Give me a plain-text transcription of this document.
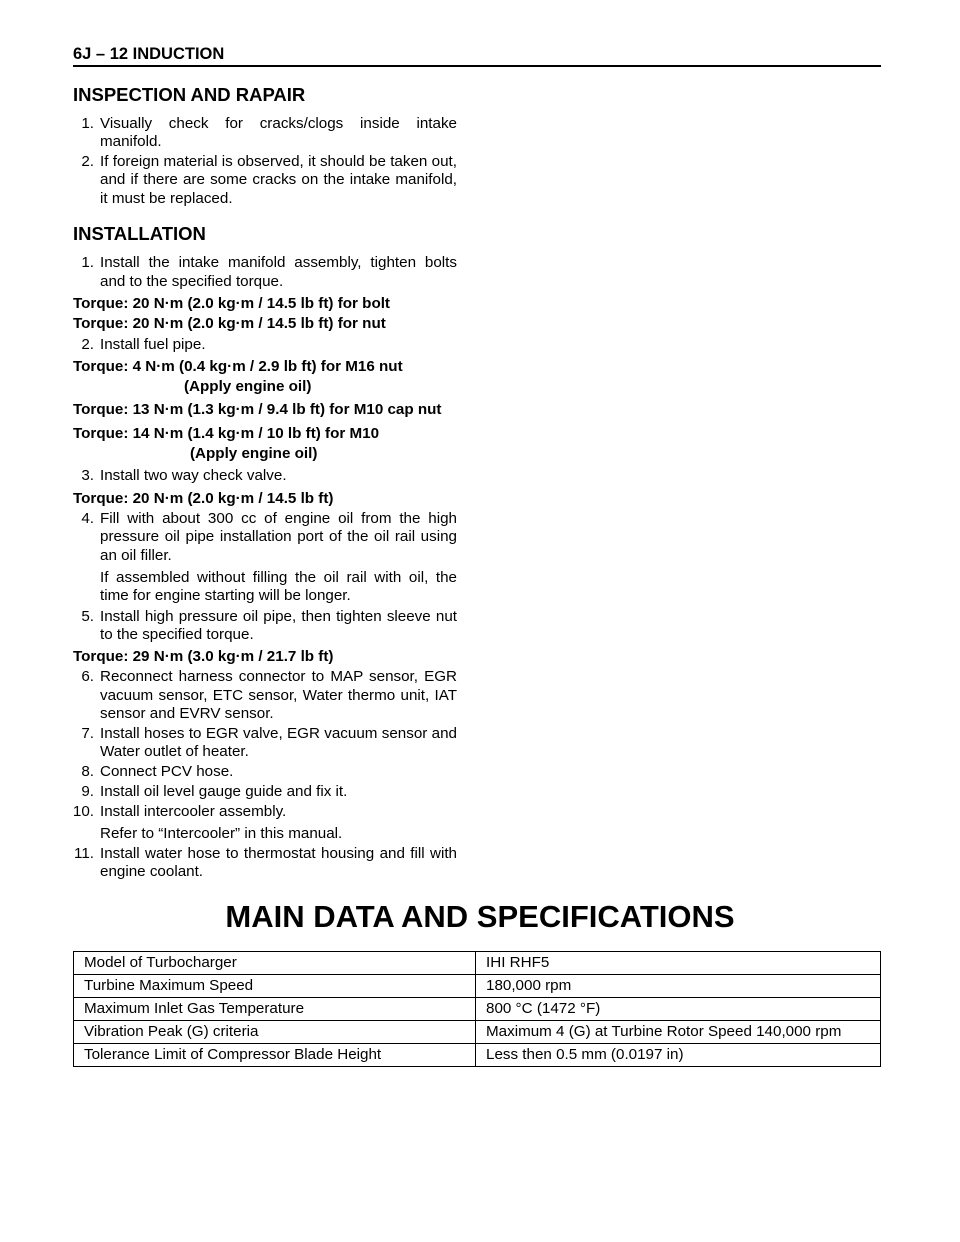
6J – 12 INDUCTION
INSPECTION AND RAPAIR
1. Visually check for cracks/clogs inside intake manifold.
2. If foreign material is observed, it should be taken out, and if there are some cracks on the intake manifold, it must be replaced.
INSTALLATION
1. Install the intake manifold assembly, tighten bolts and to the specified torque.
Torque: 20 N·m (2.0 kg·m / 14.5 lb ft) for bolt
Torque: 20 N·m (2.0 kg·m / 14.5 lb ft) for nut
2. Install fuel pipe.
Torque: 4 N·m (0.4 kg·m / 2.9 lb ft) for M16 nut
(Apply engine oil)
Torque: 13 N·m (1.3 kg·m / 9.4 lb ft) for M10 cap nut
Torque: 14 N·m (1.4 kg·m / 10 lb ft) for M10
(Apply engine oil)
3. Install two way check valve.
Torque: 20 N·m (2.0 kg·m / 14.5 lb ft)
4. Fill with about 300 cc of engine oil from the high pressure oil pipe installation port of the oil rail using an oil filler.
If assembled without filling the oil rail with oil, the time for engine starting will be longer.
5. Install high pressure oil pipe, then tighten sleeve nut to the specified torque.
Torque: 29 N·m (3.0 kg·m / 21.7 lb ft)
6. Reconnect harness connector to MAP sensor, EGR vacuum sensor, ETC sensor, Water thermo unit, IAT sensor and EVRV sensor.
7. Install hoses to EGR valve, EGR vacuum sensor and Water outlet of heater.
8. Connect PCV hose.
9. Install oil level gauge guide and fix it.
10. Install intercooler assembly.
Refer to “Intercooler” in this manual.
11. Install water hose to thermostat housing and fill with engine coolant.
MAIN DATA AND SPECIFICATIONS
Model of Turbocharger	IHI RHF5
Turbine Maximum Speed	180,000 rpm
Maximum Inlet Gas Temperature	800 °C (1472 °F)
Vibration Peak (G) criteria	Maximum 4 (G) at Turbine Rotor Speed 140,000 rpm
Tolerance Limit of Compressor Blade Height	Less then 0.5 mm (0.0197 in)
